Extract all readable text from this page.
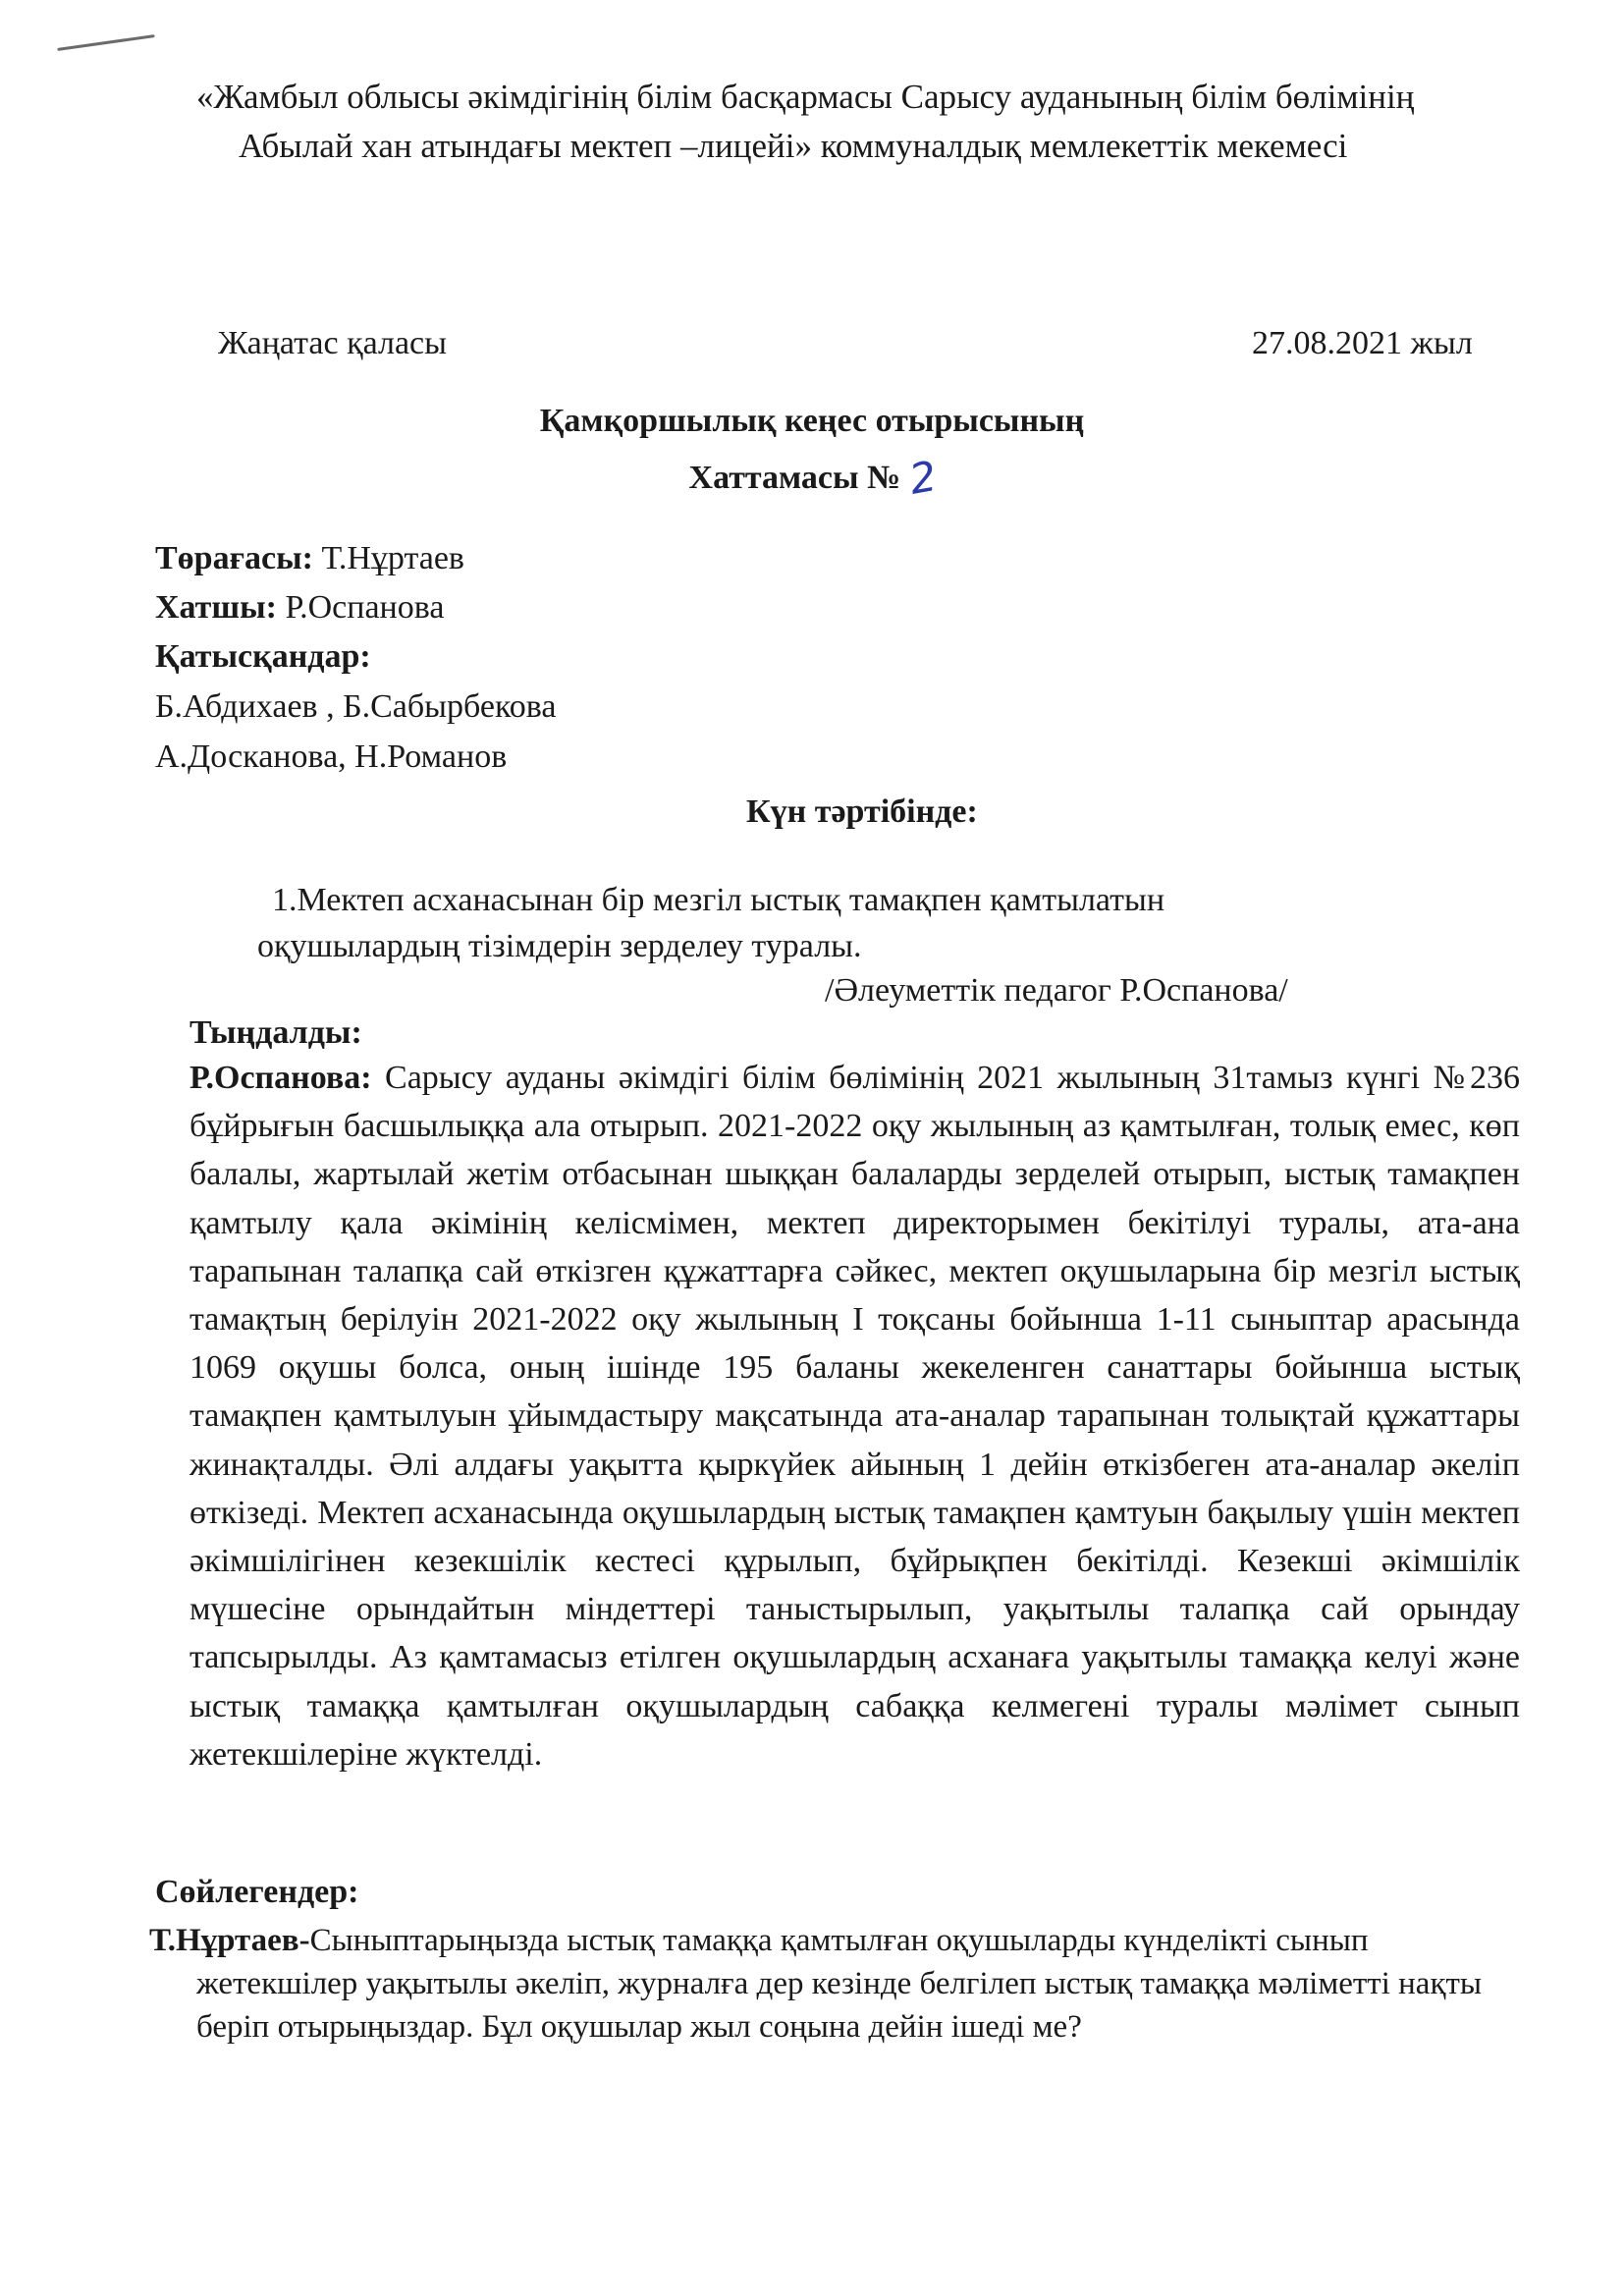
«Жамбыл облысы әкімдігінің білім басқармасы Сарысу ауданының білім бөлімінің
Абылай хан атындағы мектеп –лицейі» коммуналдық мемлекеттік мекемесі
Жаңатас қаласы	27.08.2021 жыл
Қамқоршылық кеңес отырысының
Хаттамасы № 2
Төрағасы: Т.Нұртаев
Хатшы: Р.Оспанова
Қатысқандар:
Б.Абдихаев , Б.Сабырбекова
А.Досканова, Н.Романов
Күн тәртібінде:
1.Мектеп асханасынан бір мезгіл ыстық тамақпен қамтылатын
оқушылардың тізімдерін зерделеу туралы.
/Әлеуметтік педагог Р.Оспанова/
Тыңдалды:
Р.Оспанова: Сарысу ауданы әкімдігі білім бөлімінің 2021 жылының 31тамыз күнгі №236 бұйрығын басшылыққа ала отырып. 2021-2022 оқу жылының аз қамтылған, толық емес, көп балалы, жартылай жетім отбасынан шыққан балаларды зерделей отырып, ыстық тамақпен қамтылу қала әкімінің келісмімен, мектеп директорымен бекітілуі туралы, ата-ана тарапынан талапқа сай өткізген құжаттарға сәйкес, мектеп оқушыларына бір мезгіл ыстық тамақтың берілуін 2021-2022 оқу жылының І тоқсаны бойынша 1-11 сыныптар арасында 1069 оқушы болса, оның ішінде 195 баланы жекеленген санаттары бойынша ыстық тамақпен қамтылуын ұйымдастыру мақсатында ата-аналар тарапынан толықтай құжаттары жинақталды. Әлі алдағы уақытта қыркүйек айының 1 дейін өткізбеген ата-аналар әкеліп өткізеді. Мектеп асханасында оқушылардың ыстық тамақпен қамтуын бақылыу үшін мектеп әкімшілігінен кезекшілік кестесі құрылып, бұйрықпен бекітілді. Кезекші әкімшілік мүшесіне орындайтын міндеттері таныстырылып, уақытылы талапқа сай орындау тапсырылды. Аз қамтамасыз етілген оқушылардың асханаға уақытылы тамаққа келуі және ыстық тамаққа қамтылған оқушылардың сабаққа келмегені туралы мәлімет сынып жетекшілеріне жүктелді.
Сөйлегендер:
Т.Нұртаев-Сыныптарыңызда ыстық тамаққа қамтылған оқушыларды күнделікті сынып жетекшілер уақытылы әкеліп, журналға дер кезінде белгілеп ыстық тамаққа мәліметті нақты беріп отырыңыздар. Бұл оқушылар жыл соңына дейін ішеді ме?
